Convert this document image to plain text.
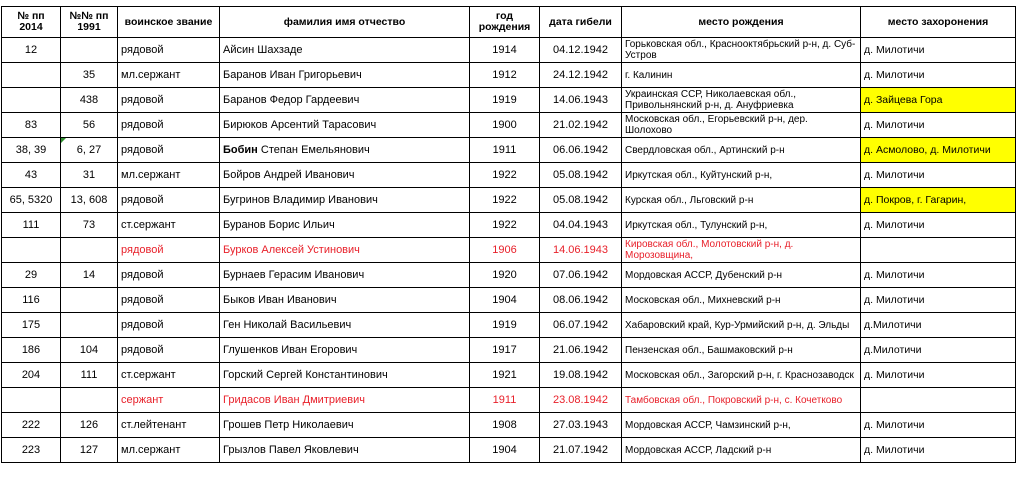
№ пп 2014	№№ пп 1991	воинское звание	фамилия имя отчество	год рождения	дата гибели	место рождения	место захоронения
12		рядовой	Айсин Шахзаде	1914	04.12.1942	Горьковская обл., Краснооктябрьский р-н, д. Суб-Устров	д. Милотичи
	35	мл.сержант	Баранов Иван Григорьевич	1912	24.12.1942	г. Калинин	д. Милотичи
	438	рядовой	Баранов Федор Гардеевич	1919	14.06.1943	Украинская ССР, Николаевская обл., Привольнянский р-н, д. Ануфриевка	д. Зайцева Гора
83	56	рядовой	Бирюков Арсентий Тарасович	1900	21.02.1942	Московская обл., Егорьевский р-н, дер. Шолохово	д. Милотичи
38, 39	6, 27	рядовой	Бобин Степан Емельянович	1911	06.06.1942	Свердловская обл., Артинский р-н	д. Асмолово, д. Милотичи
43	31	мл.сержант	Бойров Андрей Иванович	1922	05.08.1942	Иркутская обл., Куйтунский р-н,	д. Милотичи
65, 5320	13, 608	рядовой	Бугринов Владимир Иванович	1922	05.08.1942	Курская обл., Льговский р-н	д. Покров, г. Гагарин,
111	73	ст.сержант	Буранов Борис Ильич	1922	04.04.1943	Иркутская обл., Тулунский р-н,	д. Милотичи
		рядовой	Бурков Алексей Устинович	1906	14.06.1943	Кировская обл., Молотовский р-н, д. Морозовщина,	
29	14	рядовой	Бурнаев Герасим Иванович	1920	07.06.1942	Мордовская АССР, Дубенский р-н	д. Милотичи
116		рядовой	Быков Иван Иванович	1904	08.06.1942	Московская обл., Михневский р-н	д. Милотичи
175		рядовой	Ген Николай Васильевич	1919	06.07.1942	Хабаровский край, Кур-Урмийский р-н, д. Эльды	д.Милотичи
186	104	рядовой	Глушенков Иван Егорович	1917	21.06.1942	Пензенская обл., Башмаковский р-н	д.Милотичи
204	111	ст.сержант	Горский Сергей Константинович	1921	19.08.1942	Московская обл., Загорский р-н, г. Краснозаводск	д. Милотичи
		сержант	Гридасов Иван Дмитриевич	1911	23.08.1942	Тамбовская обл., Покровский р-н, с. Кочетково	
222	126	ст.лейтенант	Грошев Петр Николаевич	1908	27.03.1943	Мордовская АССР, Чамзинский р-н,	д. Милотичи
223	127	мл.сержант	Грызлов Павел Яковлевич	1904	21.07.1942	Мордовская АССР, Ладский р-н	д. Милотичи
